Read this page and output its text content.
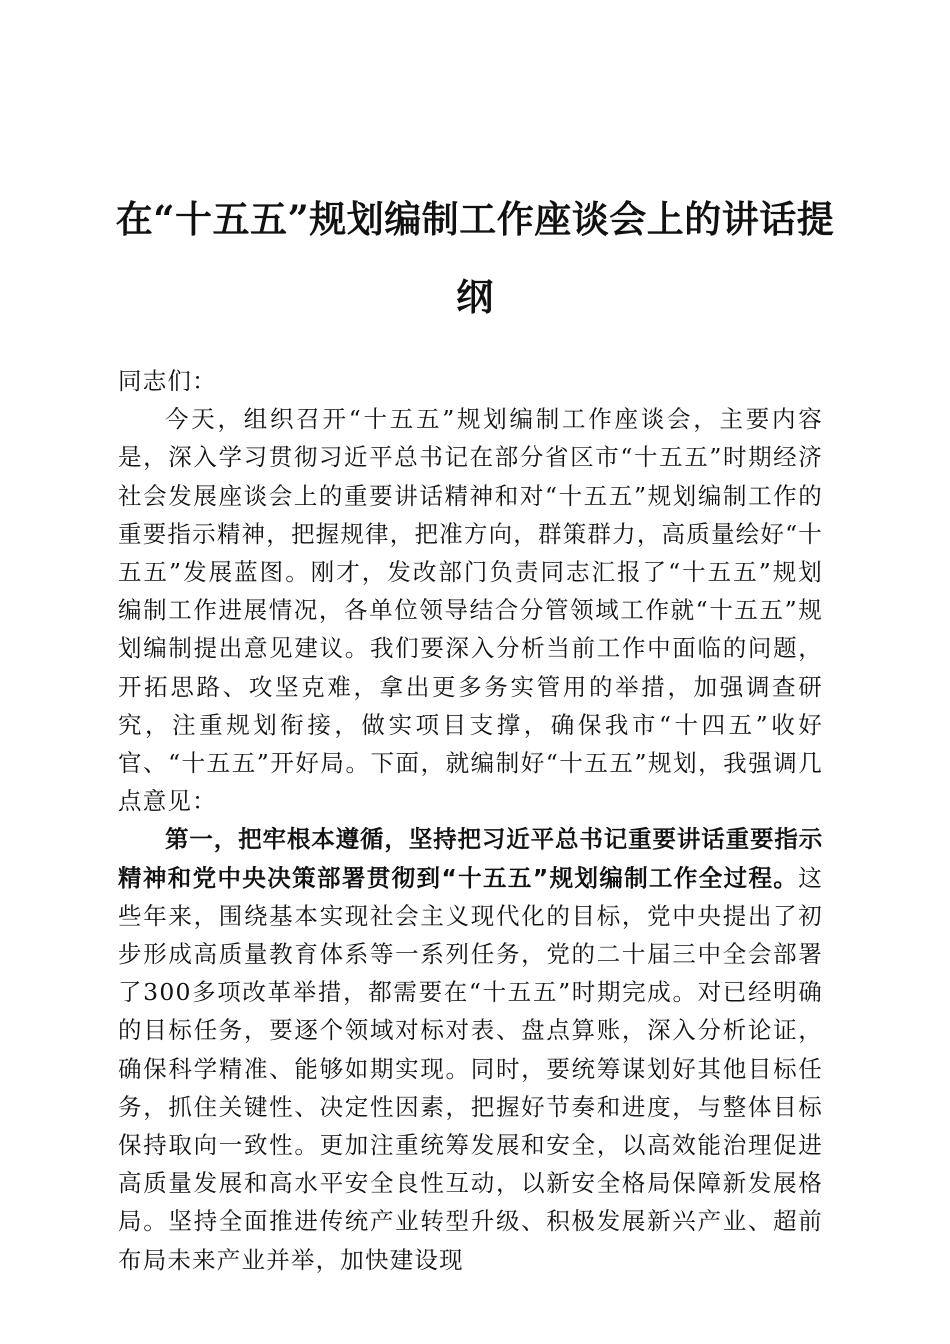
在“十五五”规划编制工作座谈会上的讲话提纲

同志们：

今天，组织召开“十五五”规划编制工作座谈会，主要内容是，深入学习贯彻习近平总书记在部分省区市“十五五”时期经济社会发展座谈会上的重要讲话精神和对“十五五”规划编制工作的重要指示精神，把握规律，把准方向，群策群力，高质量绘好“十五五”发展蓝图。刚才，发改部门负责同志汇报了“十五五”规划编制工作进展情况，各单位领导结合分管领域工作就“十五五”规划编制提出意见建议。我们要深入分析当前工作中面临的问题，开拓思路、攻坚克难，拿出更多务实管用的举措，加强调查研究，注重规划衔接，做实项目支撑，确保我市“十四五”收好官、“十五五”开好局。下面，就编制好“十五五”规划，我强调几点意见：

第一，把牢根本遵循，坚持把习近平总书记重要讲话重要指示精神和党中央决策部署贯彻到“十五五”规划编制工作全过程。这些年来，围绕基本实现社会主义现代化的目标，党中央提出了初步形成高质量教育体系等一系列任务，党的二十届三中全会部署了300多项改革举措，都需要在“十五五”时期完成。对已经明确的目标任务，要逐个领域对标对表、盘点算账，深入分析论证，确保科学精准、能够如期实现。同时，要统筹谋划好其他目标任务，抓住关键性、决定性因素，把握好节奏和进度，与整体目标保持取向一致性。更加注重统筹发展和安全，以高效能治理促进高质量发展和高水平安全良性互动，以新安全格局保障新发展格局。坚持全面推进传统产业转型升级、积极发展新兴产业、超前布局未来产业并举，加快建设现
